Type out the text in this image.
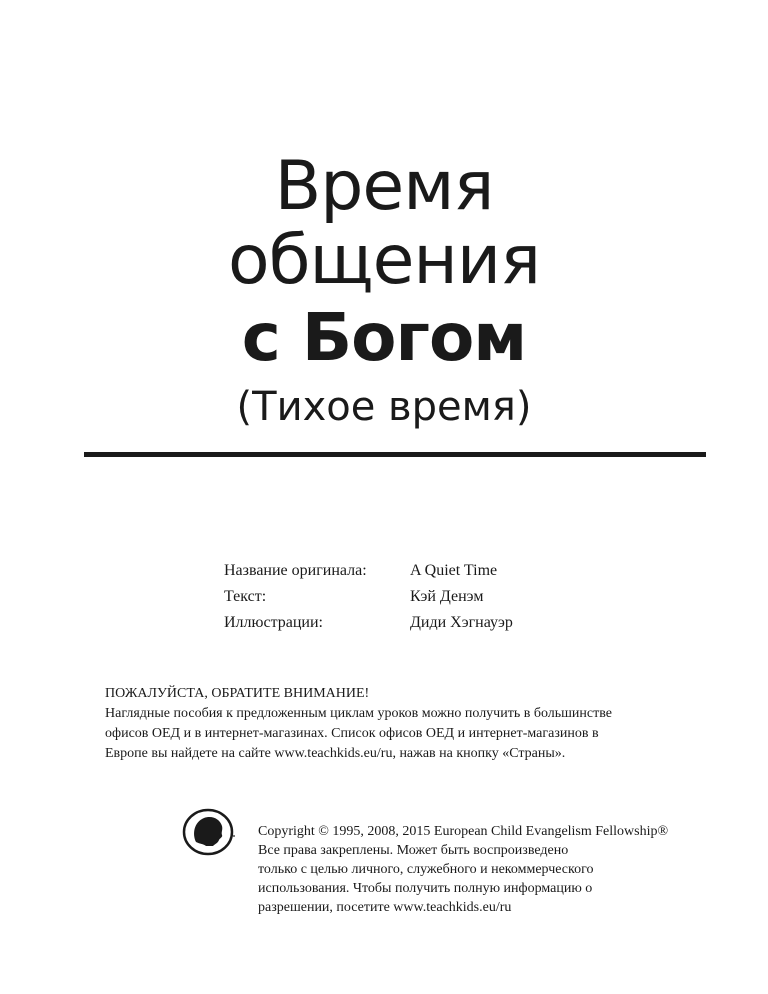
Время
общения
с Богом
(Тихое время)
Название оригинала:	A Quiet Time
Текст:	Кэй Денэм
Иллюстрации:	Диди Хэгнауэр
ПОЖАЛУЙСТА, ОБРАТИТЕ ВНИМАНИЕ!
Наглядные пособия к предложенным циклам уроков можно получить в большинстве
офисов ОЕД и в интернет-магазинах. Список офисов ОЕД и интернет-магазинов в
Европе вы найдете на сайте www.teachkids.eu/ru, нажав на кнопку «Страны».
Copyright © 1995, 2008, 2015 European Child Evangelism Fellowship®
Все права закреплены. Может быть воспроизведено
только с целью личного, служебного и некоммерческого
использования. Чтобы получить полную информацию о
разрешении, посетите www.teachkids.eu/ru
